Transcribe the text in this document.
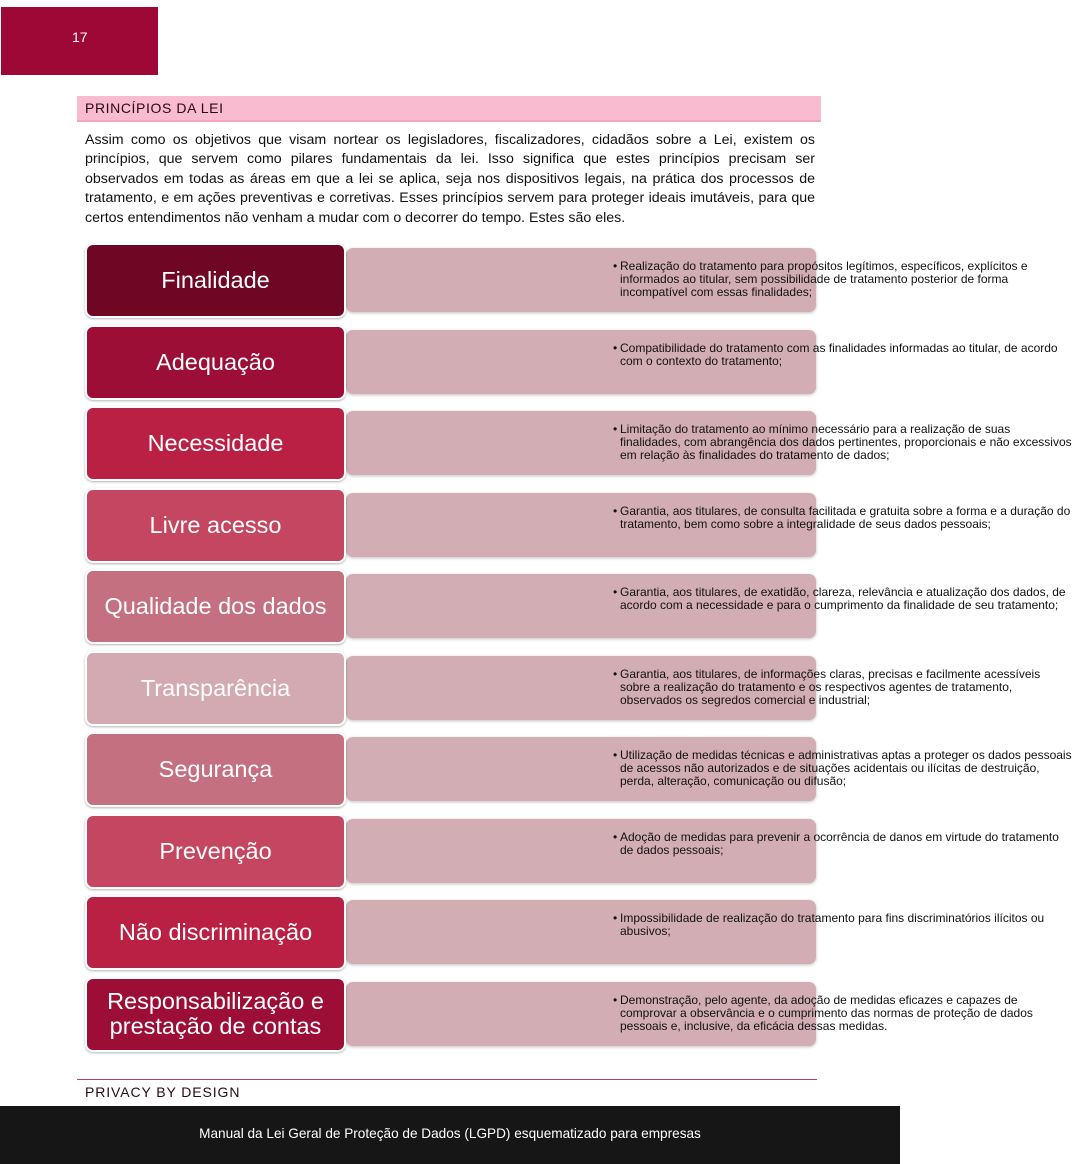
17
PRINCÍPIOS DA LEI

Assim como os objetivos que visam nortear os legisladores, fiscalizadores, cidadãos sobre a Lei, existem os princípios, que servem como pilares fundamentais da lei. Isso significa que estes princípios precisam ser observados em todas as áreas em que a lei se aplica, seja nos dispositivos legais, na prática dos processos de tratamento, e em ações preventivas e corretivas. Esses princípios servem para proteger ideais imutáveis, para que certos entendimentos não venham a mudar com o decorrer do tempo. Estes são eles.

• Realização do tratamento para propósitos legítimos, específicos, explícitos e informados ao titular, sem possibilidade de tratamento posterior de forma incompatível com essas finalidades;

Finalidade

• Compatibilidade do tratamento com as finalidades informadas ao titular, de acordo com o contexto do tratamento;

Adequação

• Limitação do tratamento ao mínimo necessário para a realização de suas finalidades, com abrangência dos dados pertinentes, proporcionais e não excessivos em relação às finalidades do tratamento de dados;

Necessidade

• Garantia, aos titulares, de consulta facilitada e gratuita sobre a forma e a duração do tratamento, bem como sobre a integralidade de seus dados pessoais;

Livre acesso

• Garantia, aos titulares, de exatidão, clareza, relevância e atualização dos dados, de acordo com a necessidade e para o cumprimento da finalidade de seu tratamento;

Qualidade dos dados

• Garantia, aos titulares, de informações claras, precisas e facilmente acessíveis sobre a realização do tratamento e os respectivos agentes de tratamento, observados os segredos comercial e industrial;

Transparência

• Utilização de medidas técnicas e administrativas aptas a proteger os dados pessoais de acessos não autorizados e de situações acidentais ou ilícitas de destruição, perda, alteração, comunicação ou difusão;

Segurança

• Adoção de medidas para prevenir a ocorrência de danos em virtude do tratamento de dados pessoais;

Prevenção

• Impossibilidade de realização do tratamento para fins discriminatórios ilícitos ou abusivos;

Não discriminação

• Demonstração, pelo agente, da adoção de medidas eficazes e capazes de comprovar a observância e o cumprimento das normas de proteção de dados pessoais e, inclusive, da eficácia dessas medidas.

Responsabilização e prestação de contas
PRIVACY BY DESIGN
Manual da Lei Geral de Proteção de Dados (LGPD) esquematizado para empresas
